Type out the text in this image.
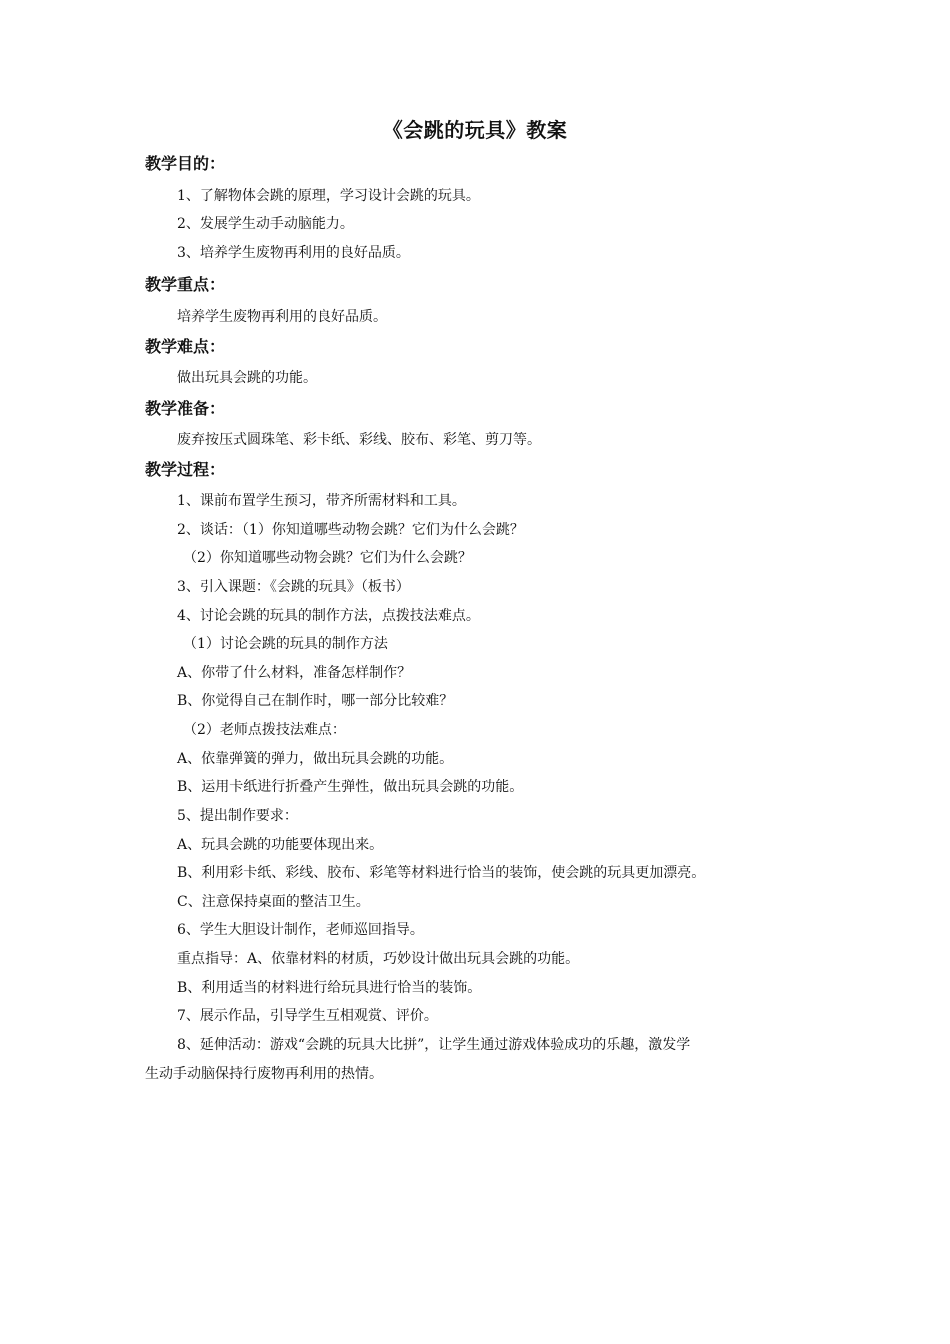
《会跳的玩具》教案
教学目的：
1、了解物体会跳的原理，学习设计会跳的玩具。
2、发展学生动手动脑能力。
3、培养学生废物再利用的良好品质。
教学重点：
培养学生废物再利用的良好品质。
教学难点：
做出玩具会跳的功能。
教学准备：
废弃按压式圆珠笔、彩卡纸、彩线、胶布、彩笔、剪刀等。
教学过程：
1、课前布置学生预习，带齐所需材料和工具。
2、谈话：（1）你知道哪些动物会跳？它们为什么会跳？
（2）你知道哪些动物会跳？它们为什么会跳？
3、引入课题：《会跳的玩具》（板书）
4、讨论会跳的玩具的制作方法，点拨技法难点。
（1）讨论会跳的玩具的制作方法
A、你带了什么材料，准备怎样制作？
B、你觉得自己在制作时，哪一部分比较难？
（2）老师点拨技法难点：
A、依靠弹簧的弹力，做出玩具会跳的功能。
B、运用卡纸进行折叠产生弹性，做出玩具会跳的功能。
5、提出制作要求：
A、玩具会跳的功能要体现出来。
B、利用彩卡纸、彩线、胶布、彩笔等材料进行恰当的装饰，使会跳的玩具更加漂亮。
C、注意保持桌面的整洁卫生。
6、学生大胆设计制作，老师巡回指导。
重点指导：A、依靠材料的材质，巧妙设计做出玩具会跳的功能。
B、利用适当的材料进行给玩具进行恰当的装饰。
7、展示作品，引导学生互相观赏、评价。
8、延伸活动：游戏“会跳的玩具大比拼”，让学生通过游戏体验成功的乐趣，激发学
生动手动脑保持行废物再利用的热情。
